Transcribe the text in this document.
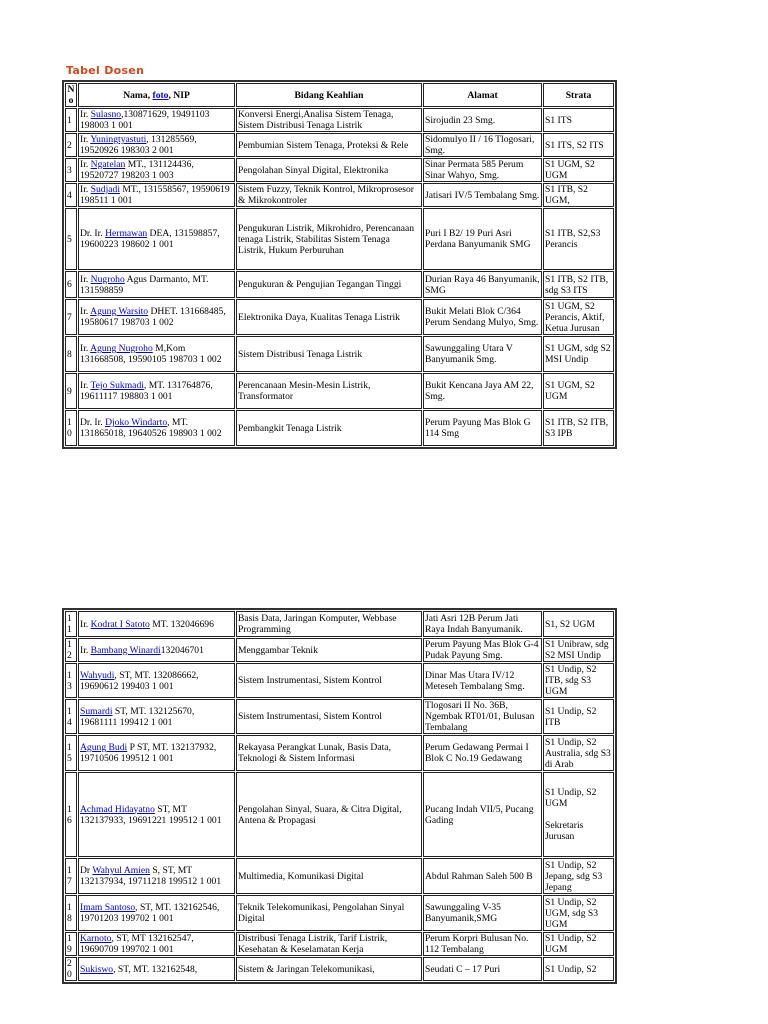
Tabel Dosen
No	Nama, foto, NIP	Bidang Keahlian	Alamat	Strata
1	Ir. Sulasno,130871629, 19491103 198003 1 001	Konversi Energi,Analisa Sistem Tenaga, Sistem Distribusi Tenaga Listrik	Sirojudin 23 Smg.	S1 ITS
2	Ir. Yuningtyastuti, 131285569, 19520926 198303 2 001	Pembumian Sistem Tenaga, Proteksi & Rele	Sidomulyo II / 16 Tlogosari, Smg.	S1 ITS, S2 ITS
3	Ir. Ngatelan MT., 131124436, 19520727 198203 1 003	Pengolahan Sinyal Digital, Elektronika	Sinar Permata 585 Perum Sinar Wahyo, Smg.	S1 UGM, S2 UGM
4	Ir. Sudjadi MT., 131558567, 19590619 198511 1 001	Sistem Fuzzy, Teknik Kontrol, Mikroprosesor & Mikrokontroler	Jatisari IV/5 Tembalang Smg.	S1 ITB, S2 UGM,
5	Dr. Ir. Hermawan DEA, 131598857, 19600223 198602 1 001	Pengukuran Listrik, Mikrohidro, Perencanaan tenaga Listrik, Stabilitas Sistem Tenaga Listrik, Hukum Perburuhan	Puri I B2/ 19 Puri Asri Perdana Banyumanik SMG	S1 ITB, S2,S3 Perancis
6	Ir. Nugroho Agus Darmanto, MT. 131598859	Pengukuran & Pengujian Tegangan Tinggi	Durian Raya 46 Banyumanik, SMG	S1 ITB, S2 ITB, sdg S3 ITS
7	Ir. Agung Warsito DHET. 131668485, 19580617 198703 1 002	Elektronika Daya, Kualitas Tenaga Listrik	Bukit Melati Blok C/364 Perum Sendang Mulyo, Smg.	S1 UGM, S2 Perancis, Aktif, Ketua Jurusan
8	Ir. Agung Nugroho M,Kom 131668508, 19590105 198703 1 002	Sistem Distribusi Tenaga Listrik	Sawunggaling Utara V Banyumanik Smg.	S1 UGM, sdg S2 MSI Undip
9	Ir. Tejo Sukmadi, MT. 131764876, 19611117 198803 1 001	Perencanaan Mesin-Mesin Listrik, Transformator	Bukit Kencana Jaya AM 22, Smg.	S1 UGM, S2 UGM
10	Dr. Ir. Djoko Windarto, MT. 131865018, 19640526 198903 1 002	Pembangkit Tenaga Listrik	Perum Payung Mas Blok G 114 Smg	S1 ITB, S2 ITB, S3 IPB
11	Ir. Kodrat I Satoto MT. 132046696	Basis Data, Jaringan Komputer, Webbase Programming	Jati Asri 12B Perum Jati Raya Indah Banyumanik.	S1, S2 UGM
12	Ir. Bambang Winardi132046701	Menggambar Teknik	Perum Payung Mas Blok G-4 Pudak Payung Smg.	S1 Unibraw, sdg S2 MSI Undip
13	Wahyudi, ST, MT. 132086662, 19690612 199403 1 001	Sistem Instrumentasi, Sistem Kontrol	Dinar Mas Utara IV/12 Meteseh Tembalang Smg.	S1 Undip, S2 ITB, sdg S3 UGM
14	Sumardi ST, MT. 132125670, 19681111 199412 1 001	Sistem Instrumentasi, Sistem Kontrol	Tlogosari II No. 36B, Ngembak RT01/01, Bulusan Tembalang	S1 Undip, S2 ITB
15	Agung Budi P ST, MT. 132137932, 19710506 199512 1 001	Rekayasa Perangkat Lunak, Basis Data, Teknologi & Sistem Informasi	Perum Gedawang Permai I Blok C No.19 Gedawang	S1 Undip, S2 Australia, sdg S3 di Arab
16	Achmad Hidayatno ST, MT 132137933, 19691221 199512 1 001	Pengolahan Sinyal, Suara, & Citra Digital, Antena & Propagasi	Pucang Indah VII/5, Pucang Gading	S1 Undip, S2 UGM
Sekretaris Jurusan
17	Dr Wahyul Amien S, ST, MT 132137934, 19711218 199512 1 001	Multimedia, Komunikasi Digital	Abdul Rahman Saleh 500 B	S1 Undip, S2 Jepang, sdg S3 Jepang
18	Imam Santoso, ST, MT. 132162546, 19701203 199702 1 001	Teknik Telekomunikasi, Pengolahan Sinyal Digital	Sawunggaling V-35 Banyumanik,SMG	S1 Undip, S2 UGM, sdg S3 UGM
19	Karnoto, ST, MT 132162547, 19690709 199702 1 001	Distribusi Tenaga Listrik, Tarif Listrik, Kesehatan & Keselamatan Kerja	Perum Korpri Bulusan No. 112 Tembalang	S1 Undip, S2 UGM
20	Sukiswo, ST, MT. 132162548,	Sistem & Jaringan Telekomunikasi,	Seudati C – 17 Puri	S1 Undip, S2
